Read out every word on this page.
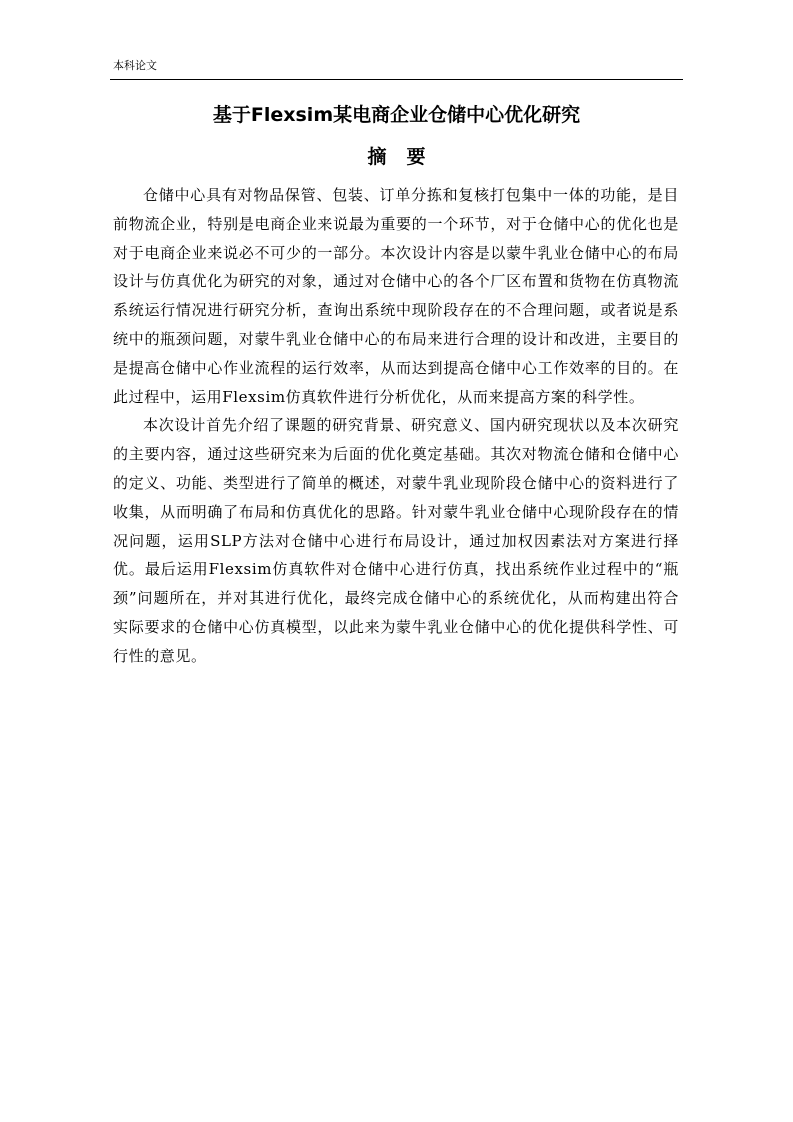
本科论文
基于Flexsim某电商企业仓储中心优化研究
摘要

仓储中心具有对物品保管、包装、订单分拣和复核打包集中一体的功能，是目前物流企业，特别是电商企业来说最为重要的一个环节，对于仓储中心的优化也是对于电商企业来说必不可少的一部分。本次设计内容是以蒙牛乳业仓储中心的布局设计与仿真优化为研究的对象，通过对仓储中心的各个厂区布置和货物在仿真物流系统运行情况进行研究分析，查询出系统中现阶段存在的不合理问题，或者说是系统中的瓶颈问题，对蒙牛乳业仓储中心的布局来进行合理的设计和改进，主要目的是提高仓储中心作业流程的运行效率，从而达到提高仓储中心工作效率的目的。在此过程中，运用Flexsim仿真软件进行分析优化，从而来提高方案的科学性。

本次设计首先介绍了课题的研究背景、研究意义、国内研究现状以及本次研究的主要内容，通过这些研究来为后面的优化奠定基础。其次对物流仓储和仓储中心的定义、功能、类型进行了简单的概述，对蒙牛乳业现阶段仓储中心的资料进行了收集，从而明确了布局和仿真优化的思路。针对蒙牛乳业仓储中心现阶段存在的情况问题，运用SLP方法对仓储中心进行布局设计，通过加权因素法对方案进行择优。最后运用Flexsim仿真软件对仓储中心进行仿真，找出系统作业过程中的“瓶颈”问题所在，并对其进行优化，最终完成仓储中心的系统优化，从而构建出符合实际要求的仓储中心仿真模型，以此来为蒙牛乳业仓储中心的优化提供科学性、可行性的意见。
